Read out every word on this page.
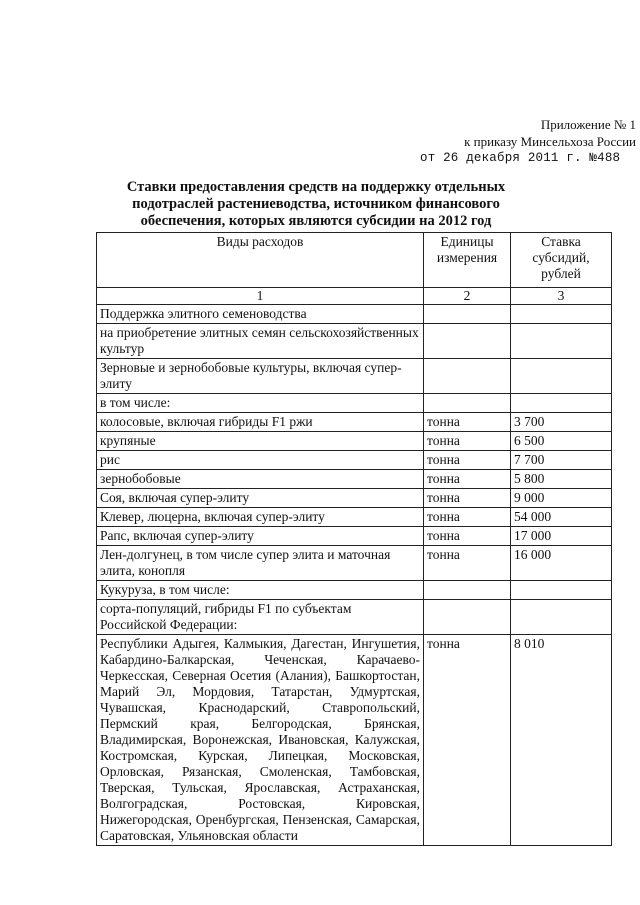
Приложение № 1
к приказу Минсельхоза России
от 26 декабря 2011 г. №488
Ставки предоставления средств на поддержку отдельных подотраслей растениеводства, источником финансового обеспечения, которых являются субсидии на 2012 год
Виды расходов	Единицы измерения	Ставка субсидий, рублей
1	2	3
Поддержка элитного семеноводства		
на приобретение элитных семян сельскохозяйственных культур		
Зерновые и зернобобовые культуры, включая супер-элиту		
в том числе:		
колосовые, включая гибриды F1 ржи	тонна	3 700
крупяные	тонна	6 500
рис	тонна	7 700
зернобобовые	тонна	5 800
Соя, включая супер-элиту	тонна	9 000
Клевер, люцерна, включая супер-элиту	тонна	54 000
Рапс, включая супер-элиту	тонна	17 000
Лен-долгунец, в том числе супер элита и маточная элита, конопля	тонна	16 000
Кукуруза, в том числе:		
сорта-популяций, гибриды F1 по субъектам Российской Федерации:		
Республики Адыгея, Калмыкия, Дагестан, Ингушетия, Кабардино-Балкарская, Чеченская, Карачаево-Черкесская, Северная Осетия (Алания), Башкортостан, Марий Эл, Мордовия, Татарстан, Удмуртская, Чувашская, Краснодарский, Ставропольский, Пермский края, Белгородская, Брянская, Владимирская, Воронежская, Ивановская, Калужская, Костромская, Курская, Липецкая, Московская, Орловская, Рязанская, Смоленская, Тамбовская, Тверская, Тульская, Ярославская, Астраханская, Волгоградская, Ростовская, Кировская, Нижегородская, Оренбургская, Пензенская, Самарская, Саратовская, Ульяновская области	тонна	8 010
